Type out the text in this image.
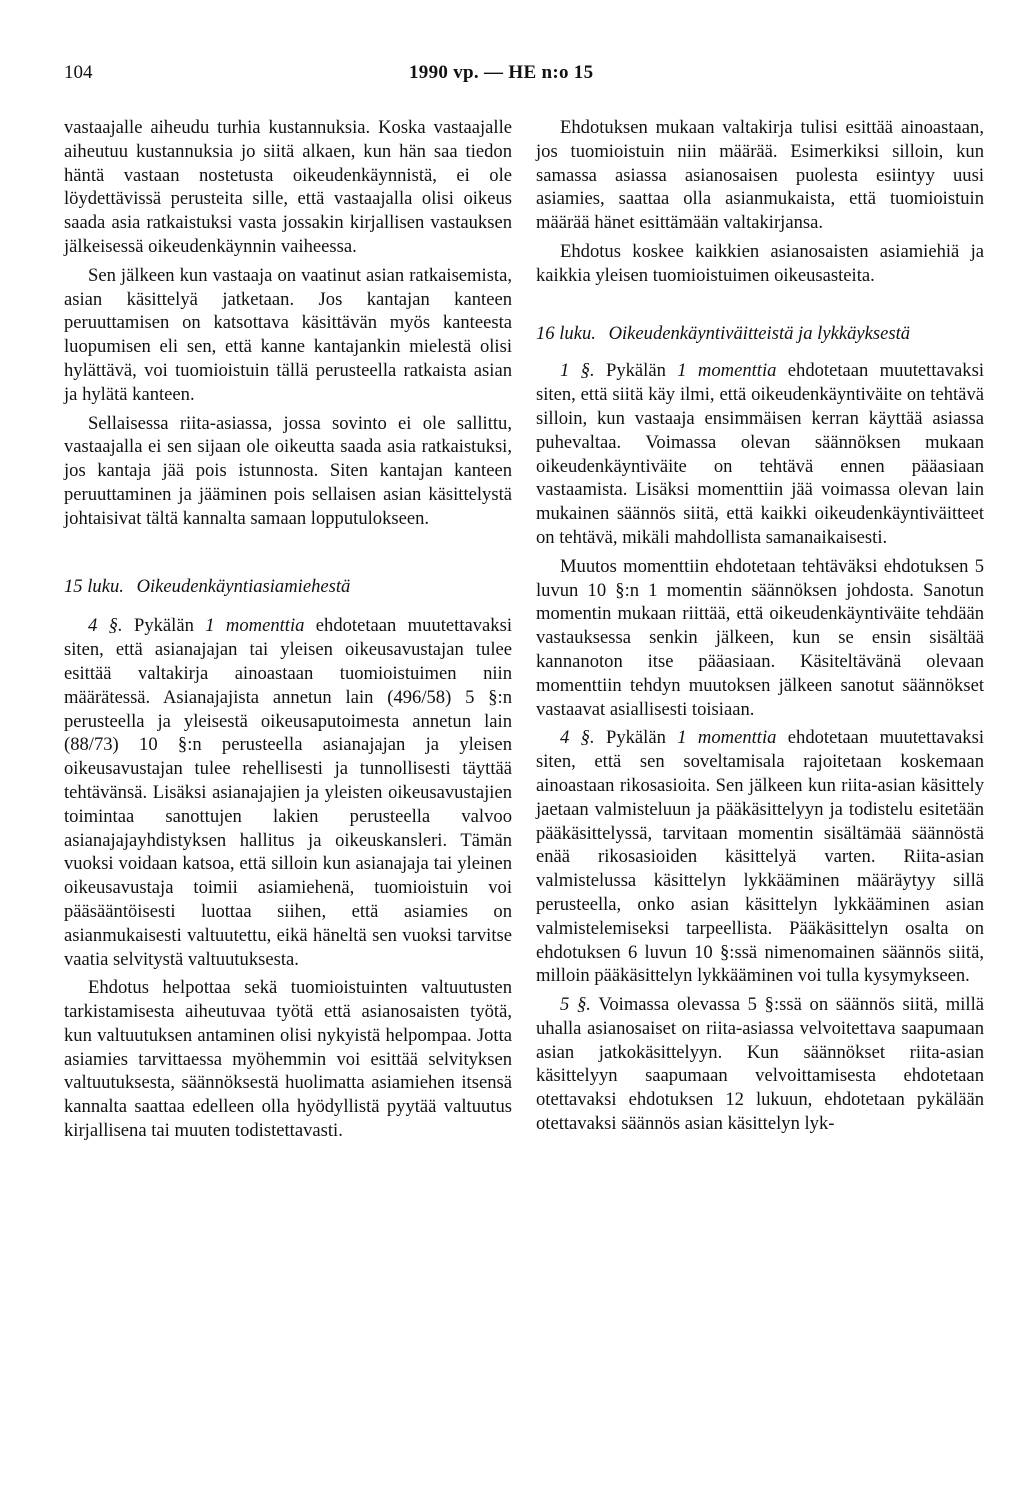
104	1990 vp. — HE n:o 15

vastaajalle aiheudu turhia kustannuksia. Koska vastaajalle aiheutuu kustannuksia jo siitä alkaen, kun hän saa tiedon häntä vastaan nostetusta oikeudenkäynnistä, ei ole löydettävissä perusteita sille, että vastaajalla olisi oikeus saada asia ratkaistuksi vasta jossakin kirjallisen vastauksen jälkeisessä oikeudenkäynnin vaiheessa.

Sen jälkeen kun vastaaja on vaatinut asian ratkaisemista, asian käsittelyä jatketaan. Jos kantajan kanteen peruuttamisen on katsottava käsittävän myös kanteesta luopumisen eli sen, että kanne kantajankin mielestä olisi hylättävä, voi tuomioistuin tällä perusteella ratkaista asian ja hylätä kanteen.

Sellaisessa riita-asiassa, jossa sovinto ei ole sallittu, vastaajalla ei sen sijaan ole oikeutta saada asia ratkaistuksi, jos kantaja jää pois istunnosta. Siten kantajan kanteen peruuttaminen ja jääminen pois sellaisen asian käsittelystä johtaisivat tältä kannalta samaan lopputulokseen.

15 luku. Oikeudenkäyntiasiamiehestä

4 §. Pykälän 1 momenttia ehdotetaan muutettavaksi siten, että asianajajan tai yleisen oikeusavustajan tulee esittää valtakirja ainoastaan tuomioistuimen niin määrätessä. Asianajajista annetun lain (496/58) 5 §:n perusteella ja yleisestä oikeusaputoimesta annetun lain (88/73) 10 §:n perusteella asianajajan ja yleisen oikeusavustajan tulee rehellisesti ja tunnollisesti täyttää tehtävänsä. Lisäksi asianajajien ja yleisten oikeusavustajien toimintaa sanottujen lakien perusteella valvoo asianajajayhdistyksen hallitus ja oikeuskansleri. Tämän vuoksi voidaan katsoa, että silloin kun asianajaja tai yleinen oikeusavustaja toimii asiamiehenä, tuomioistuin voi pääsääntöisesti luottaa siihen, että asiamies on asianmukaisesti valtuutettu, eikä häneltä sen vuoksi tarvitse vaatia selvitystä valtuutuksesta.

Ehdotus helpottaa sekä tuomioistuinten valtuutusten tarkistamisesta aiheutuvaa työtä että asianosaisten työtä, kun valtuutuksen antaminen olisi nykyistä helpompaa. Jotta asiamies tarvittaessa myöhemmin voi esittää selvityksen valtuutuksesta, säännöksestä huolimatta asiamiehen itsensä kannalta saattaa edelleen olla hyödyllistä pyytää valtuutus kirjallisena tai muuten todistettavasti.

Ehdotuksen mukaan valtakirja tulisi esittää ainoastaan, jos tuomioistuin niin määrää. Esimerkiksi silloin, kun samassa asiassa asianosaisen puolesta esiintyy uusi asiamies, saattaa olla asianmukaista, että tuomioistuin määrää hänet esittämään valtakirjansa.

Ehdotus koskee kaikkien asianosaisten asiamiehiä ja kaikkia yleisen tuomioistuimen oikeusasteita.

16 luku. Oikeudenkäyntiväitteistä ja lykkäyksestä

1 §. Pykälän 1 momenttia ehdotetaan muutettavaksi siten, että siitä käy ilmi, että oikeudenkäyntiväite on tehtävä silloin, kun vastaaja ensimmäisen kerran käyttää asiassa puhevaltaa. Voimassa olevan säännöksen mukaan oikeudenkäyntiväite on tehtävä ennen pääasiaan vastaamista. Lisäksi momenttiin jää voimassa olevan lain mukainen säännös siitä, että kaikki oikeudenkäyntiväitteet on tehtävä, mikäli mahdollista samanaikaisesti.

Muutos momenttiin ehdotetaan tehtäväksi ehdotuksen 5 luvun 10 §:n 1 momentin säännöksen johdosta. Sanotun momentin mukaan riittää, että oikeudenkäyntiväite tehdään vastauksessa senkin jälkeen, kun se ensin sisältää kannanoton itse pääasiaan. Käsiteltävänä olevaan momenttiin tehdyn muutoksen jälkeen sanotut säännökset vastaavat asiallisesti toisiaan.

4 §. Pykälän 1 momenttia ehdotetaan muutettavaksi siten, että sen soveltamisala rajoitetaan koskemaan ainoastaan rikosasioita. Sen jälkeen kun riita-asian käsittely jaetaan valmisteluun ja pääkäsittelyyn ja todistelu esitetään pääkäsittelyssä, tarvitaan momentin sisältämää säännöstä enää rikosasioiden käsittelyä varten. Riita-asian valmistelussa käsittelyn lykkääminen määräytyy sillä perusteella, onko asian käsittelyn lykkääminen asian valmistelemiseksi tarpeellista. Pääkäsittelyn osalta on ehdotuksen 6 luvun 10 §:ssä nimenomainen säännös siitä, milloin pääkäsittelyn lykkääminen voi tulla kysymykseen.

5 §. Voimassa olevassa 5 §:ssä on säännös siitä, millä uhalla asianosaiset on riita-asiassa velvoitettava saapumaan asian jatkokäsittelyyn. Kun säännökset riita-asian käsittelyyn saapumaan velvoittamisesta ehdotetaan otettavaksi ehdotuksen 12 lukuun, ehdotetaan pykälään otettavaksi säännös asian käsittelyn lyk-
